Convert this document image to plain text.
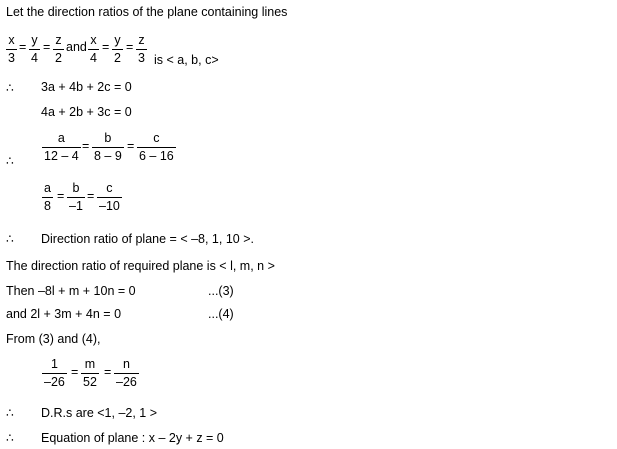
Let the direction ratios of the plane containing lines
x
3
= y
4
= z
2
and x
4
= y
2
= z
3 is < a, b, c>
∴ 3a + 4b + 2c = 0
4a + 2b + 3c = 0
a
12 – 4
=
b
8 – 9
=
c
6 – 16
∴
a
8
=
b
–1
=
c
–10
∴ Direction ratio of plane = < –8, 1, 10 >.
The direction ratio of required plane is < l, m, n >
Then –8l + m + 10n = 0	...(3)
and 2l + 3m + 4n = 0	...(4)
From (3) and (4),
1
–26
=
m
52
=
n
–26
∴ D.R.s are <1, –2, 1 >
∴ Equation of plane : x – 2y + z = 0
